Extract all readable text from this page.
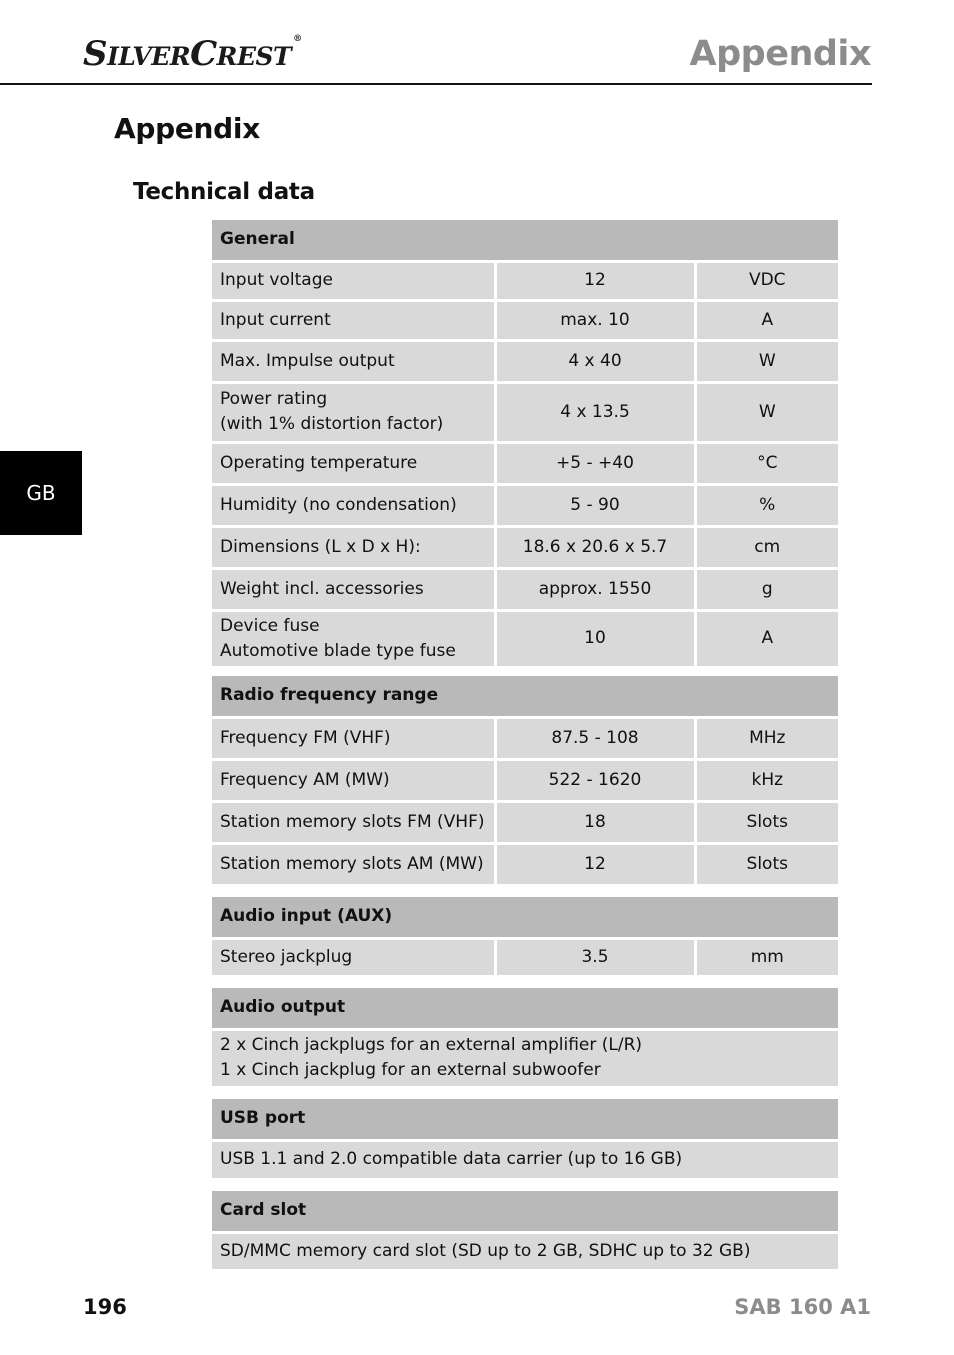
SILVERCREST®	Appendix
Appendix
Technical data
GB
General		
Input voltage	12	VDC
Input current	max. 10	A
Max. Impulse output	4 x 40	W
Power rating
(with 1% distortion factor)	4 x 13.5	W
Operating temperature	+5 - +40	°C
Humidity (no condensation)	5 - 90	%
Dimensions (L x D x H):	18.6 x 20.6 x 5.7	cm
Weight incl. accessories	approx. 1550	g
Device fuse
Automotive blade type fuse	10	A
Radio frequency range		
Frequency FM (VHF)	87.5 - 108	MHz
Frequency AM (MW)	522 - 1620	kHz
Station memory slots FM (VHF)	18	Slots
Station memory slots AM (MW)	12	Slots
Audio input (AUX)
Stereo jackplug	3.5	mm
Audio output
2 x Cinch jackplugs for an external amplifier (L/R)
1 x Cinch jackplug for an external subwoofer
USB port
USB 1.1 and 2.0 compatible data carrier (up to 16 GB)
Card slot
SD/MMC memory card slot (SD up to 2 GB, SDHC up to 32 GB)
196	SAB 160 A1
